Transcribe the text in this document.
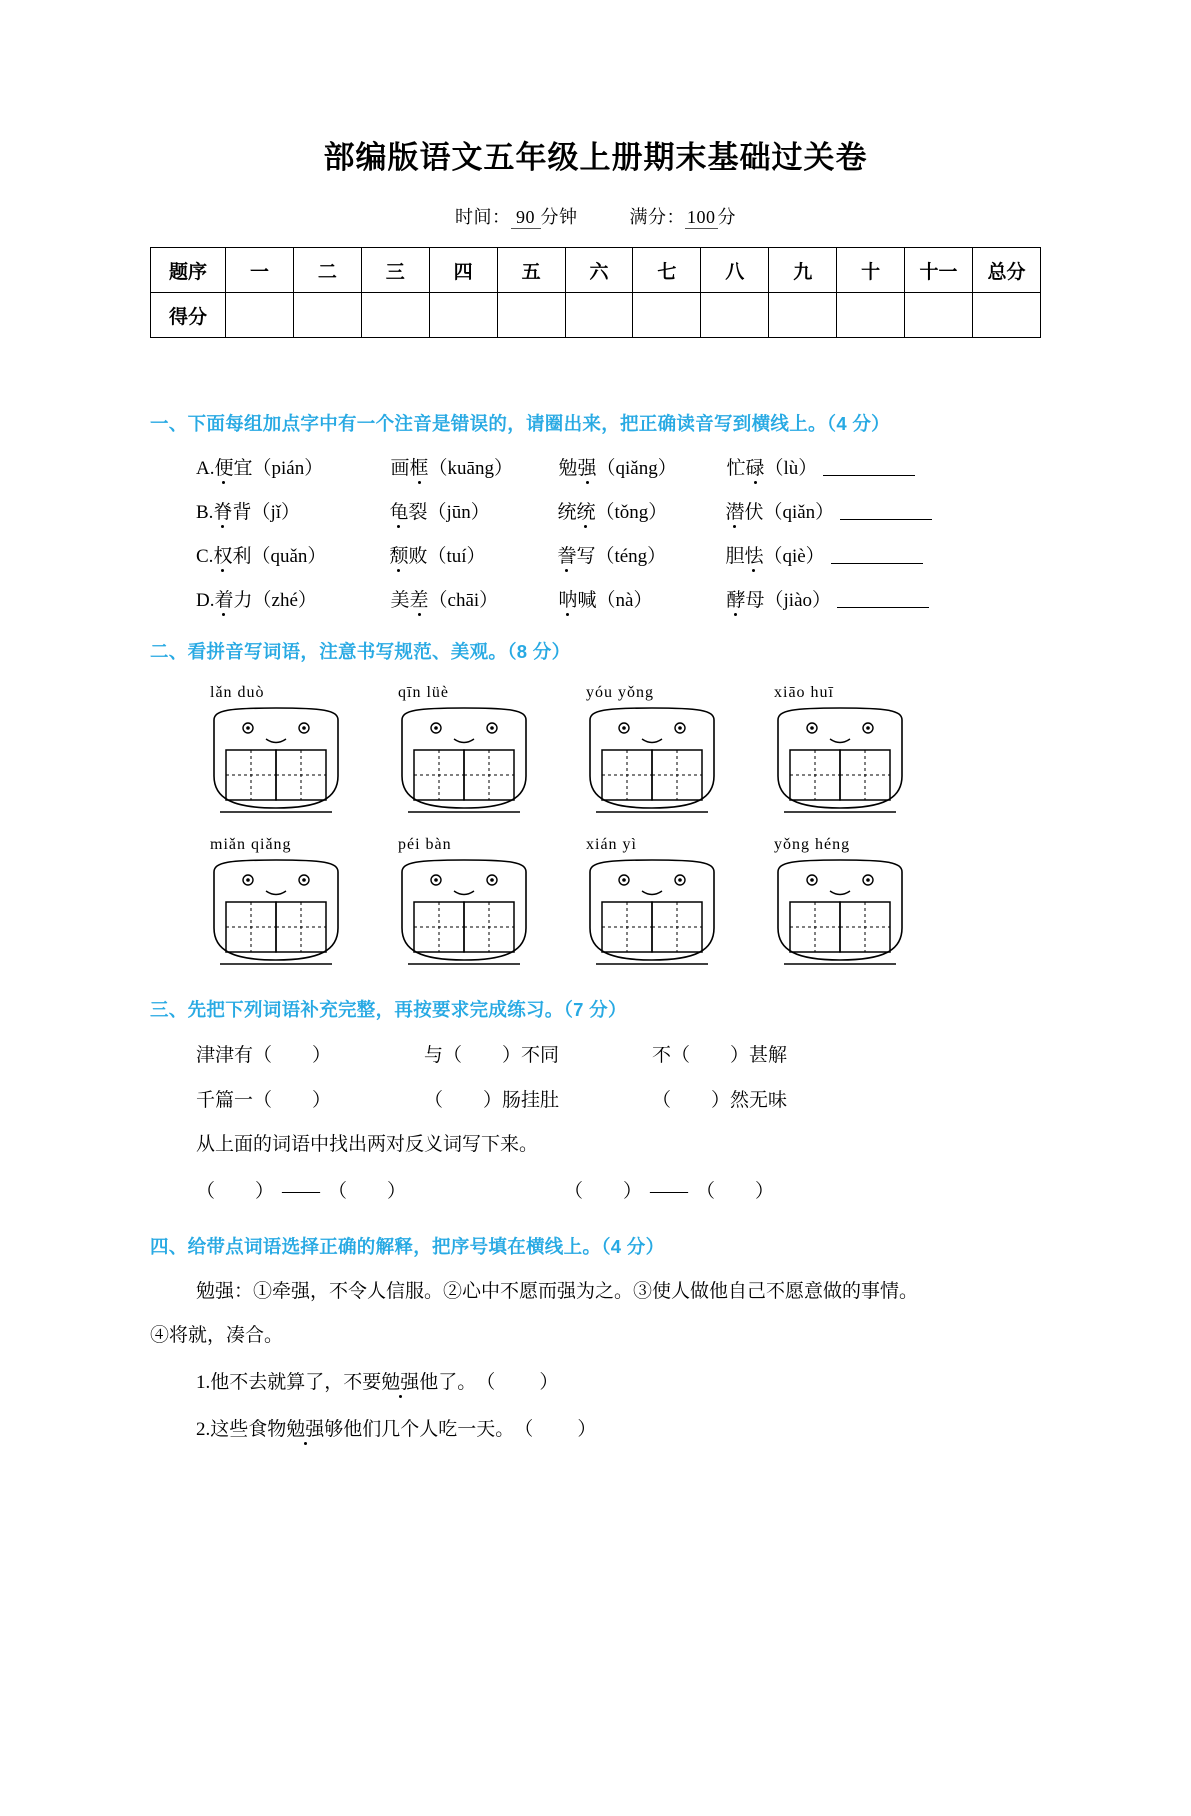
部编版语文五年级上册期末基础过关卷
时间： 90 分钟	满分： 100 分
题序	一	二	三	四	五	六	七	八	九	十	十一	总分
得分												
一、下面每组加点字中有一个注音是错误的，请圈出来，把正确读音写到横线上。（4 分）
A.便宜（pián）	画框（kuāng） 勉强（qiǎng）	忙碌（lù）
B.脊背（jǐ）	龟裂（jūn）	统统（tǒng）	潜伏（qiǎn）
C.权利（quǎn）	颓败（tuí）	誊写（téng）	胆怯（qiè）
D.着力（zhé）	美差（chāi）	呐喊（nà）	酵母（jiào）
二、看拼音写词语，注意书写规范、美观。（8 分）
lǎn duò	qīn lüè	yóu yǒng	xiāo huī
miǎn qiǎng	péi bàn	xián yì	yǒng héng
三、先把下列词语补充完整，再按要求完成练习。（7 分）
津津有（ ）	与（ ）不同	不（ ）甚解
千篇一（ ）	（ ）肠挂肚	（ ）然无味
从上面的词语中找出两对反义词写下来。
（ ） —— （ ）	（ ） —— （ ）
四、给带点词语选择正确的解释，把序号填在横线上。（4 分）
勉强：①牵强，不令人信服。②心中不愿而强为之。③使人做他自己不愿意做的事情。
④将就，凑合。
1.他不去就算了，不要勉强他了。（ ）
2.这些食物勉强够他们几个人吃一天。（ ）
